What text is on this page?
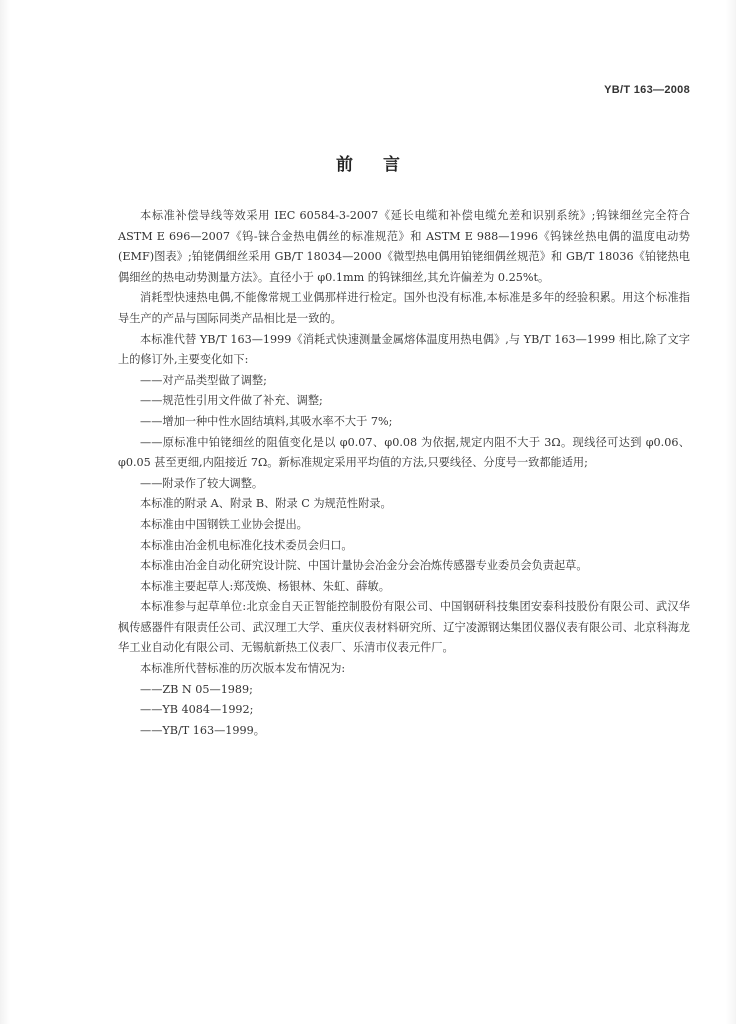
YB/T 163—2008
前言

本标准补偿导线等效采用 IEC 60584-3-2007《延长电缆和补偿电缆允差和识别系统》;钨铼细丝完全符合 ASTM E 696—2007《钨-铼合金热电偶丝的标准规范》和 ASTM E 988—1996《钨铼丝热电偶的温度电动势(EMF)图表》;铂铑偶细丝采用 GB/T 18034—2000《微型热电偶用铂铑细偶丝规范》和 GB/T 18036《铂铑热电偶细丝的热电动势测量方法》。直径小于 φ0.1mm 的钨铼细丝,其允许偏差为 0.25%t。

消耗型快速热电偶,不能像常规工业偶那样进行检定。国外也没有标准,本标准是多年的经验积累。用这个标准指导生产的产品与国际同类产品相比是一致的。

本标准代替 YB/T 163—1999《消耗式快速测量金属熔体温度用热电偶》,与 YB/T 163—1999 相比,除了文字上的修订外,主要变化如下:

——对产品类型做了调整;

——规范性引用文件做了补充、调整;

——增加一种中性水固结填料,其吸水率不大于 7%;

——原标准中铂铑细丝的阻值变化是以 φ0.07、φ0.08 为依据,规定内阻不大于 3Ω。现线径可达到 φ0.06、φ0.05 甚至更细,内阻接近 7Ω。新标准规定采用平均值的方法,只要线径、分度号一致都能适用;

——附录作了较大调整。

本标准的附录 A、附录 B、附录 C 为规范性附录。

本标准由中国钢铁工业协会提出。

本标准由冶金机电标准化技术委员会归口。

本标准由冶金自动化研究设计院、中国计量协会冶金分会冶炼传感器专业委员会负责起草。

本标准主要起草人:郑茂焕、杨银林、朱虹、薛敏。

本标准参与起草单位:北京金自天正智能控制股份有限公司、中国钢研科技集团安泰科技股份有限公司、武汉华枫传感器件有限责任公司、武汉理工大学、重庆仪表材料研究所、辽宁凌源钢达集团仪器仪表有限公司、北京科海龙华工业自动化有限公司、无锡航新热工仪表厂、乐清市仪表元件厂。

本标准所代替标准的历次版本发布情况为:

——ZB N 05—1989;

——YB 4084—1992;

——YB/T 163—1999。
